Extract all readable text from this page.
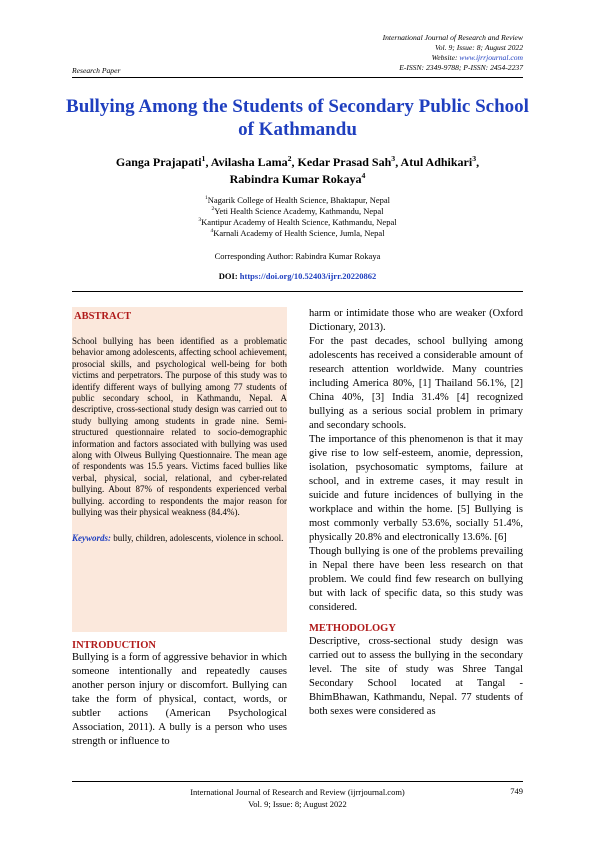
International Journal of Research and Review
Vol. 9; Issue: 8; August 2022
Website: www.ijrrjournal.com
E-ISSN: 2349-9788; P-ISSN: 2454-2237
Research Paper
Bullying Among the Students of Secondary Public School of Kathmandu
Ganga Prajapati$^1$, Avilasha Lama$^2$, Kedar Prasad Sah$^3$, Atul Adhikari$^3$,
Rabindra Kumar Rokaya$^4$
$^1$Nagarik College of Health Science, Bhaktapur, Nepal
$^2$Yeti Health Science Academy, Kathmandu, Nepal
$^3$Kantipur Academy of Health Science, Kathmandu, Nepal
$^4$Karnali Academy of Health Science, Jumla, Nepal
Corresponding Author: Rabindra Kumar Rokaya
DOI: https://doi.org/10.52403/ijrr.20220862
ABSTRACT
School bullying has been identified as a problematic behavior among adolescents, affecting school achievement, prosocial skills, and psychological well-being for both victims and perpetrators. The purpose of this study was to identify different ways of bullying among 77 students of public secondary school, in Kathmandu, Nepal. A descriptive, cross-sectional study design was carried out to study bullying among students in grade nine. Semi-structured questionnaire related to socio-demographic information and factors associated with bullying was used along with Olweus Bullying Questionnaire. The mean age of respondents was 15.5 years. Victims faced bullies like verbal, physical, social, relational, and cyber-related bullying. About 87% of respondents experienced verbal bullying. according to respondents the major reason for bullying was their physical weakness (84.4%).
Keywords: bully, children, adolescents, violence in school.
INTRODUCTION
Bullying is a form of aggressive behavior in which someone intentionally and repeatedly causes another person injury or discomfort. Bullying can take the form of physical, contact, words, or subtler actions (American Psychological Association, 2011). A bully is a person who uses strength or influence to

harm or intimidate those who are weaker (Oxford Dictionary, 2013).

For the past decades, school bullying among adolescents has received a considerable amount of research attention worldwide. Many countries including America 80%, [1] Thailand 56.1%, [2] China 40%, [3] India 31.4% [4] recognized bullying as a serious social problem in primary and secondary schools.

The importance of this phenomenon is that it may give rise to low self-esteem, anomie, depression, isolation, psychosomatic symptoms, failure at school, and in extreme cases, it may result in suicide and future incidences of bullying in the workplace and within the home. [5] Bullying is most commonly verbally 53.6%, socially 51.4%, physically 20.8% and electronically 13.6%. [6]

Though bullying is one of the problems prevailing in Nepal there have been less research on that problem. We could find few research on bullying but with lack of specific data, so this study was considered.

METHODOLOGY
Descriptive, cross-sectional study design was carried out to assess the bullying in the secondary level. The site of study was Shree Tangal Secondary School located at Tangal - BhimBhawan, Kathmandu, Nepal. 77 students of both sexes were considered as
International Journal of Research and Review (ijrrjournal.com)
Vol. 9; Issue: 8; August 2022
749
